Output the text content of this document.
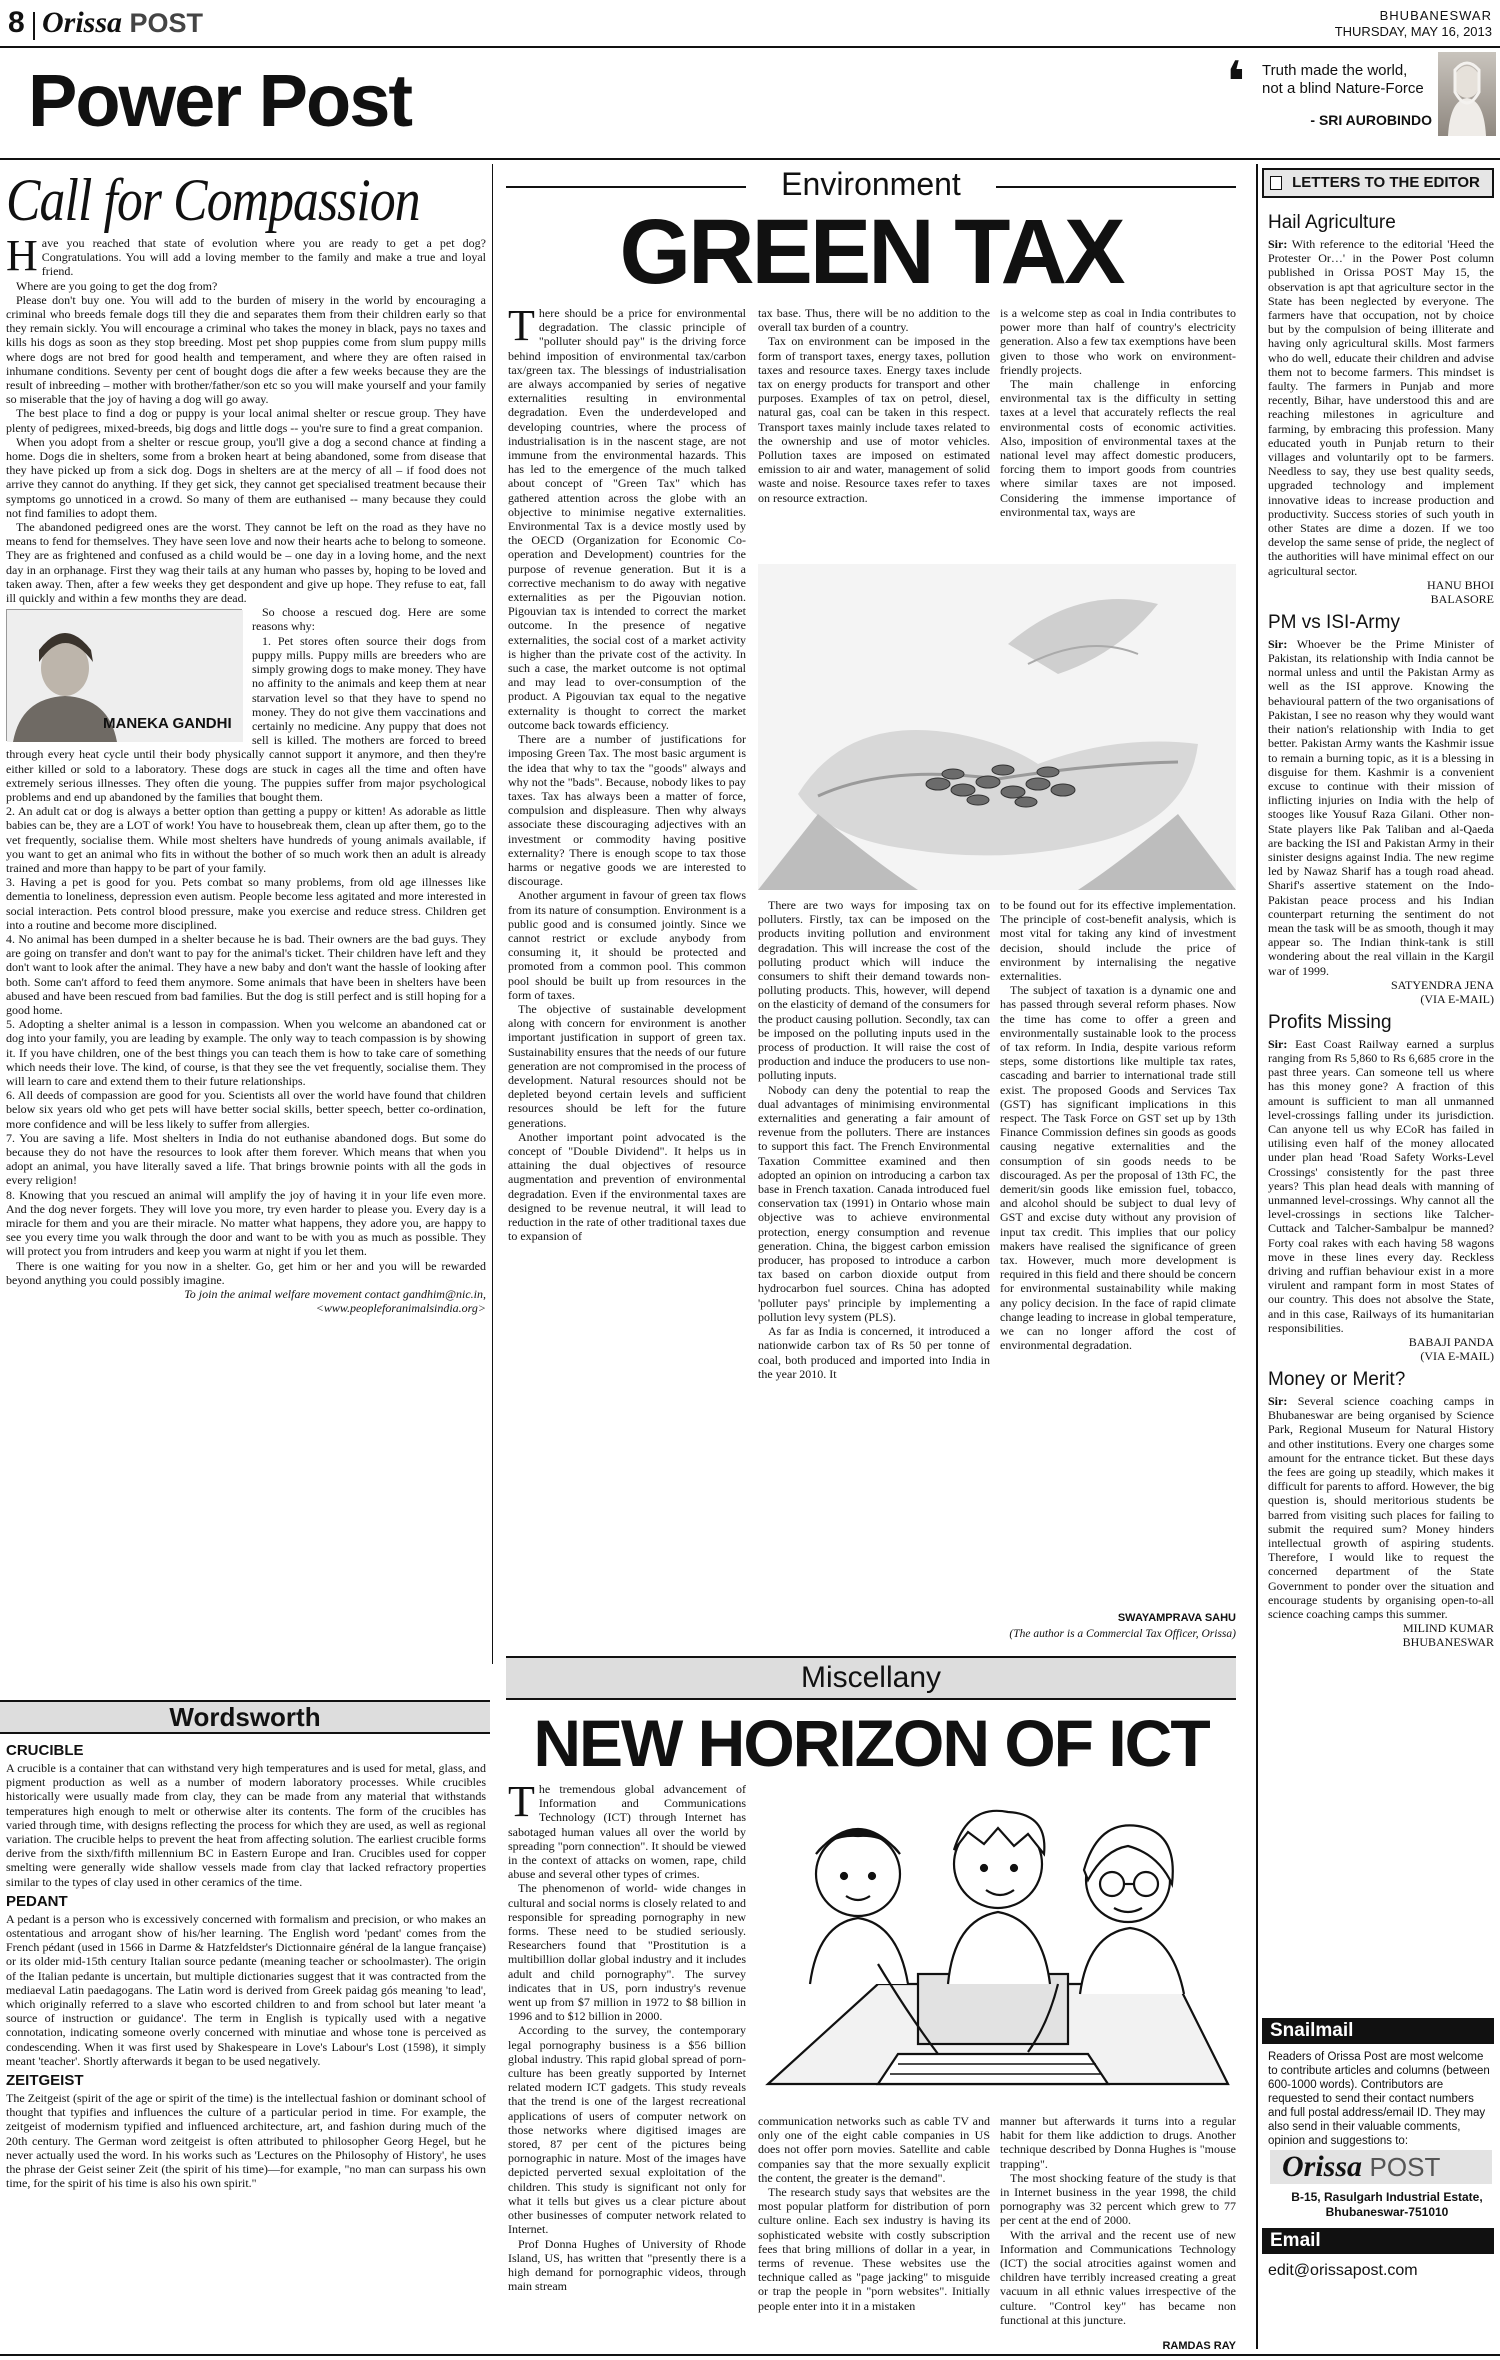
8 Orissa POST	BHUBANESWAR
THURSDAY, MAY 16, 2013
Power Post	❛ Truth made the world, not a blind Nature-Force
- SRI AUROBINDO
Call for Compassion
H ave you reached that state of evolution where you are ready to get a pet dog? Congratulations. You will add a loving member to the family and make a true and loyal friend.

Where are you going to get the dog from?

Please don't buy one. You will add to the burden of misery in the world by encouraging a criminal who breeds female dogs till they die and separates them from their children early so that they remain sickly. You will encourage a criminal who takes the money in black, pays no taxes and kills his dogs as soon as they stop breeding. Most pet shop puppies come from slum puppy mills where dogs are not bred for good health and temperament, and where they are often raised in inhumane conditions. Seventy per cent of bought dogs die after a few weeks because they are the result of inbreeding – mother with brother/father/son etc so you will make yourself and your family so miserable that the joy of having a dog will go away.

The best place to find a dog or puppy is your local animal shelter or rescue group. They have plenty of pedigrees, mixed-breeds, big dogs and little dogs -- you're sure to find a great companion.

When you adopt from a shelter or rescue group, you'll give a dog a second chance at finding a home. Dogs die in shelters, some from a broken heart at being abandoned, some from disease that they have picked up from a sick dog. Dogs in shelters are at the mercy of all – if food does not arrive they cannot do anything. If they get sick, they cannot get specialised treatment because their symptoms go unnoticed in a crowd. So many of them are euthanised -- many because they could not find families to adopt them.

The abandoned pedigreed ones are the worst. They cannot be left on the road as they have no means to fend for themselves. They have seen love and now their hearts ache to belong to someone. They are as frightened and confused as a child would be – one day in a loving home, and the next day in an orphanage. First they wag their tails at any human who passes by, hoping to be loved and taken away. Then, after a few weeks they get despondent and give up hope. They refuse to eat, fall ill quickly and within a few months they are dead.

MANEKA GANDHI

So choose a rescued dog. Here are some reasons why:

1. Pet stores often source their dogs from puppy mills. Puppy mills are breeders who are simply growing dogs to make money. They have no affinity to the animals and keep them at near starvation level so that they have to spend no money. They do not give them vaccinations and certainly no medicine. Any puppy that does not sell is killed. The mothers are forced to breed through every heat cycle until their body physically cannot support it anymore, and then they're either killed or sold to a laboratory. These dogs are stuck in cages all the time and often have extremely serious illnesses. They often die young. The puppies suffer from major psychological problems and end up abandoned by the families that bought them.

2. An adult cat or dog is always a better option than getting a puppy or kitten! As adorable as little babies can be, they are a LOT of work! You have to housebreak them, clean up after them, go to the vet frequently, socialise them. While most shelters have hundreds of young animals available, if you want to get an animal who fits in without the bother of so much work then an adult is already trained and more than happy to be part of your family.

3. Having a pet is good for you. Pets combat so many problems, from old age illnesses like dementia to loneliness, depression even autism. People become less agitated and more interested in social interaction. Pets control blood pressure, make you exercise and reduce stress. Children get into a routine and become more disciplined.

4. No animal has been dumped in a shelter because he is bad. Their owners are the bad guys. They are going on transfer and don't want to pay for the animal's ticket. Their children have left and they don't want to look after the animal. They have a new baby and don't want the hassle of looking after both. Some can't afford to feed them anymore. Some animals that have been in shelters have been abused and have been rescued from bad families. But the dog is still perfect and is still hoping for a good home.

5. Adopting a shelter animal is a lesson in compassion. When you welcome an abandoned cat or dog into your family, you are leading by example. The only way to teach compassion is by showing it. If you have children, one of the best things you can teach them is how to take care of something which needs their love. The kind, of course, is that they see the vet frequently, socialise them. They will learn to care and extend them to their future relationships.

6. All deeds of compassion are good for you. Scientists all over the world have found that children below six years old who get pets will have better social skills, better speech, better co-ordination, more confidence and will be less likely to suffer from allergies.

7. You are saving a life. Most shelters in India do not euthanise abandoned dogs. But some do because they do not have the resources to look after them forever. Which means that when you adopt an animal, you have literally saved a life. That brings brownie points with all the gods in every religion!

8. Knowing that you rescued an animal will amplify the joy of having it in your life even more. And the dog never forgets. They will love you more, try even harder to please you. Every day is a miracle for them and you are their miracle. No matter what happens, they adore you, are happy to see you every time you walk through the door and want to be with you as much as possible. They will protect you from intruders and keep you warm at night if you let them.

There is one waiting for you now in a shelter. Go, get him or her and you will be rewarded beyond anything you could possibly imagine.

To join the animal welfare movement contact gandhim@nic.in,

<www.peopleforanimalsindia.org>

Wordsworth
CRUCIBLE

A crucible is a container that can withstand very high temperatures and is used for metal, glass, and pigment production as well as a number of modern laboratory processes. While crucibles historically were usually made from clay, they can be made from any material that withstands temperatures high enough to melt or otherwise alter its contents. The form of the crucibles has varied through time, with designs reflecting the process for which they are used, as well as regional variation. The crucible helps to prevent the heat from affecting solution. The earliest crucible forms derive from the sixth/fifth millennium BC in Eastern Europe and Iran. Crucibles used for copper smelting were generally wide shallow vessels made from clay that lacked refractory properties similar to the types of clay used in other ceramics of the time.

PEDANT

A pedant is a person who is excessively concerned with formalism and precision, or who makes an ostentatious and arrogant show of his/her learning. The English word 'pedant' comes from the French pédant (used in 1566 in Darme & Hatzfeldster's Dictionnaire général de la langue française) or its older mid-15th century Italian source pedante (meaning teacher or schoolmaster). The origin of the Italian pedante is uncertain, but multiple dictionaries suggest that it was contracted from the mediaeval Latin paedagogans. The Latin word is derived from Greek paidag gós meaning 'to lead', which originally referred to a slave who escorted children to and from school but later meant 'a source of instruction or guidance'. The term in English is typically used with a negative connotation, indicating someone overly concerned with minutiae and whose tone is perceived as condescending. When it was first used by Shakespeare in Love's Labour's Lost (1598), it simply meant 'teacher'. Shortly afterwards it began to be used negatively.

ZEITGEIST

The Zeitgeist (spirit of the age or spirit of the time) is the intellectual fashion or dominant school of thought that typifies and influences the culture of a particular period in time. For example, the zeitgeist of modernism typified and influenced architecture, art, and fashion during much of the 20th century. The German word zeitgeist is often attributed to philosopher Georg Hegel, but he never actually used the word. In his works such as 'Lectures on the Philosophy of History', he uses the phrase der Geist seiner Zeit (the spirit of his time)—for example, "no man can surpass his own time, for the spirit of his time is also his own spirit."

Environment
GREEN TAX
T here should be a price for environmental degradation. The classic principle of "polluter should pay" is the driving force behind imposition of environmental tax/carbon tax/green tax. The blessings of industrialisation are always accompanied by series of negative externalities resulting in environmental degradation. Even the underdeveloped and developing countries, where the process of industrialisation is in the nascent stage, are not immune from the environmental hazards. This has led to the emergence of the much talked about concept of "Green Tax" which has gathered attention across the globe with an objective to minimise negative externalities. Environmental Tax is a device mostly used by the OECD (Organization for Economic Co-operation and Development) countries for the purpose of revenue generation. But it is a corrective mechanism to do away with negative externalities as per the Pigouvian notion. Pigouvian tax is intended to correct the market outcome. In the presence of negative externalities, the social cost of a market activity is higher than the private cost of the activity. In such a case, the market outcome is not optimal and may lead to over-consumption of the product. A Pigouvian tax equal to the negative externality is thought to correct the market outcome back towards efficiency.

There are a number of justifications for imposing Green Tax. The most basic argument is the idea that why to tax the "goods" always and why not the "bads". Because, nobody likes to pay taxes. Tax has always been a matter of force, compulsion and displeasure. Then why always associate these discouraging adjectives with an investment or commodity having positive externality? There is enough scope to tax those harms or negative goods we are interested to discourage.

Another argument in favour of green tax flows from its nature of consumption. Environment is a public good and is consumed jointly. Since we cannot restrict or exclude anybody from consuming it, it should be protected and promoted from a common pool. This common pool should be built up from resources in the form of taxes.

The objective of sustainable development along with concern for environment is another important justification in support of green tax. Sustainability ensures that the needs of our future generation are not compromised in the process of development. Natural resources should not be depleted beyond certain levels and sufficient resources should be left for the future generations.

Another important point advocated is the concept of "Double Dividend". It helps us in attaining the dual objectives of resource augmentation and prevention of environmental degradation. Even if the environmental taxes are designed to be revenue neutral, it will lead to reduction in the rate of other traditional taxes due to expansion of

tax base. Thus, there will be no addition to the overall tax burden of a country.

Tax on environment can be imposed in the form of transport taxes, energy taxes, pollution taxes and resource taxes. Energy taxes include tax on energy products for transport and other purposes. Examples of tax on petrol, diesel, natural gas, coal can be taken in this respect. Transport taxes mainly include taxes related to the ownership and use of motor vehicles. Pollution taxes are imposed on estimated emission to air and water, management of solid waste and noise. Resource taxes refer to taxes on resource extraction.

is a welcome step as coal in India contributes to power more than half of country's electricity generation. Also a few tax exemptions have been given to those who work on environment-friendly projects.

The main challenge in enforcing environmental tax is the difficulty in setting taxes at a level that accurately reflects the real environmental costs of economic activities. Also, imposition of environmental taxes at the national level may affect domestic producers, forcing them to import goods from countries where similar taxes are not imposed. Considering the immense importance of environmental tax, ways are

There are two ways for imposing tax on polluters. Firstly, tax can be imposed on the products inviting pollution and environment degradation. This will increase the cost of the polluting product which will induce the consumers to shift their demand towards non-polluting products. This, however, will depend on the elasticity of demand of the consumers for the product causing pollution. Secondly, tax can be imposed on the polluting inputs used in the process of production. It will raise the cost of production and induce the producers to use non-polluting inputs.

Nobody can deny the potential to reap the dual advantages of minimising environmental externalities and generating a fair amount of revenue from the polluters. There are instances to support this fact. The French Environmental Taxation Committee examined and then adopted an opinion on introducing a carbon tax base in French taxation. Canada introduced fuel conservation tax (1991) in Ontario whose main objective was to achieve environmental protection, energy consumption and revenue generation. China, the biggest carbon emission producer, has proposed to introduce a carbon tax based on carbon dioxide output from hydrocarbon fuel sources. China has adopted 'polluter pays' principle by implementing a pollution levy system (PLS).

As far as India is concerned, it introduced a nationwide carbon tax of Rs 50 per tonne of coal, both produced and imported into India in the year 2010. It

to be found out for its effective implementation. The principle of cost-benefit analysis, which is most vital for taking any kind of investment decision, should include the price of environment by internalising the negative externalities.

The subject of taxation is a dynamic one and has passed through several reform phases. Now the time has come to offer a green and environmentally sustainable look to the process of tax reform. In India, despite various reform steps, some distortions like multiple tax rates, cascading and barrier to international trade still exist. The proposed Goods and Services Tax (GST) has significant implications in this respect. The Task Force on GST set up by 13th Finance Commission defines sin goods as goods causing negative externalities and the consumption of sin goods needs to be discouraged. As per the proposal of 13th FC, the demerit/sin goods like emission fuel, tobacco, and alcohol should be subject to dual levy of GST and excise duty without any provision of input tax credit. This implies that our policy makers have realised the significance of green tax. However, much more development is required in this field and there should be concern for environmental sustainability while making any policy decision. In the face of rapid climate change leading to increase in global temperature, we can no longer afford the cost of environmental degradation.

SWAYAMPRAVA SAHU
(The author is a Commercial Tax Officer, Orissa)
Miscellany
NEW HORIZON OF ICT
T he tremendous global advancement of Information and Communications Technology (ICT) through Internet has sabotaged human values all over the world by spreading "porn connection". It should be viewed in the context of attacks on women, rape, child abuse and several other types of crimes.

The phenomenon of world- wide changes in cultural and social norms is closely related to and responsible for spreading pornography in new forms. These need to be studied seriously. Researchers found that "Prostitution is a multibillion dollar global industry and it includes adult and child pornography". The survey indicates that in US, porn industry's revenue went up from $7 million in 1972 to $8 billion in 1996 and to $12 billion in 2000.

According to the survey, the contemporary legal pornography business is a $56 billion global industry. This rapid global spread of porn-culture has been greatly supported by Internet related modern ICT gadgets. This study reveals that the trend is one of the largest recreational applications of users of computer network on those networks where digitised images are stored, 87 per cent of the pictures being pornographic in nature. Most of the images have depicted perverted sexual exploitation of the children. This study is significant not only for what it tells but gives us a clear picture about other businesses of computer network related to Internet.

Prof Donna Hughes of University of Rhode Island, US, has written that "presently there is a high demand for pornographic videos, through main stream

communication networks such as cable TV and only one of the eight cable companies in US does not offer porn movies. Satellite and cable companies say that the more sexually explicit the content, the greater is the demand".

The research study says that websites are the most popular platform for distribution of porn culture online. Each sex industry is having its sophisticated website with costly subscription fees that bring millions of dollar in a year, in terms of revenue. These websites use the technique called as "page jacking" to misguide or trap the people in "porn websites". Initially people enter into it in a mistaken

manner but afterwards it turns into a regular habit for them like addiction to drugs. Another technique described by Donna Hughes is "mouse trapping".

The most shocking feature of the study is that in Internet business in the year 1998, the child pornography was 32 percent which grew to 77 per cent at the end of 2000.

With the arrival and the recent use of new Information and Communications Technology (ICT) the social atrocities against women and children have terribly increased creating a great vacuum in all ethnic values irrespective of the culture. "Control key" has became non functional at this juncture.

RAMDAS RAY
LETTERS TO THE EDITOR
Hail Agriculture

Sir: With reference to the editorial 'Heed the Protester Or…' in the Power Post column published in Orissa POST May 15, the observation is apt that agriculture sector in the State has been neglected by everyone. The farmers have that occupation, not by choice but by the compulsion of being illiterate and having only agricultural skills. Most farmers who do well, educate their children and advise them not to become farmers. This mindset is faulty. The farmers in Punjab and more recently, Bihar, have understood this and are reaching milestones in agriculture and farming, by embracing this profession. Many educated youth in Punjab return to their villages and voluntarily opt to be farmers. Needless to say, they use best quality seeds, upgraded technology and implement innovative ideas to increase production and productivity. Success stories of such youth in other States are dime a dozen. If we too develop the same sense of pride, the neglect of the authorities will have minimal effect on our agricultural sector.

HANU BHOI
BALASORE
PM vs ISI-Army

Sir: Whoever be the Prime Minister of Pakistan, its relationship with India cannot be normal unless and until the Pakistan Army as well as the ISI approve. Knowing the behavioural pattern of the two organisations of Pakistan, I see no reason why they would want their nation's relationship with India to get better. Pakistan Army wants the Kashmir issue to remain a burning topic, as it is a blessing in disguise for them. Kashmir is a convenient excuse to continue with their mission of inflicting injuries on India with the help of stooges like Yousuf Raza Gilani. Other non-State players like Pak Taliban and al-Qaeda are backing the ISI and Pakistan Army in their sinister designs against India. The new regime led by Nawaz Sharif has a tough road ahead. Sharif's assertive statement on the Indo-Pakistan peace process and his Indian counterpart returning the sentiment do not mean the task will be as smooth, though it may appear so. The Indian think-tank is still wondering about the real villain in the Kargil war of 1999.

SATYENDRA JENA
(VIA E-MAIL)
Profits Missing

Sir: East Coast Railway earned a surplus ranging from Rs 5,860 to Rs 6,685 crore in the past three years. Can someone tell us where has this money gone? A fraction of this amount is sufficient to man all unmanned level-crossings falling under its jurisdiction. Can anyone tell us why ECoR has failed in utilising even half of the money allocated under plan head 'Road Safety Works-Level Crossings' consistently for the past three years? This plan head deals with manning of unmanned level-crossings. Why cannot all the level-crossings in sections like Talcher-Cuttack and Talcher-Sambalpur be manned? Forty coal rakes with each having 58 wagons move in these lines every day. Reckless driving and ruffian behaviour exist in a more virulent and rampant form in most States of our country. This does not absolve the State, and in this case, Railways of its humanitarian responsibilities.

BABAJI PANDA
(VIA E-MAIL)
Money or Merit?

Sir: Several science coaching camps in Bhubaneswar are being organised by Science Park, Regional Museum for Natural History and other institutions. Every one charges some amount for the entrance ticket. But these days the fees are going up steadily, which makes it difficult for parents to afford. However, the big question is, should meritorious students be barred from visiting such places for failing to submit the required sum? Money hinders intellectual growth of aspiring students. Therefore, I would like to request the concerned department of the State Government to ponder over the situation and encourage students by organising open-to-all science coaching camps this summer.

MILIND KUMAR
BHUBANESWAR
Snailmail
Readers of Orissa Post are most welcome to contribute articles and columns (between 600-1000 words). Contributors are requested to send their contact numbers and full postal address/email ID. They may also send in their valuable comments, opinion and suggestions to:
Orissa POST
B-15, Rasulgarh Industrial Estate,
Bhubaneswar-751010
Email
edit@orissapost.com
